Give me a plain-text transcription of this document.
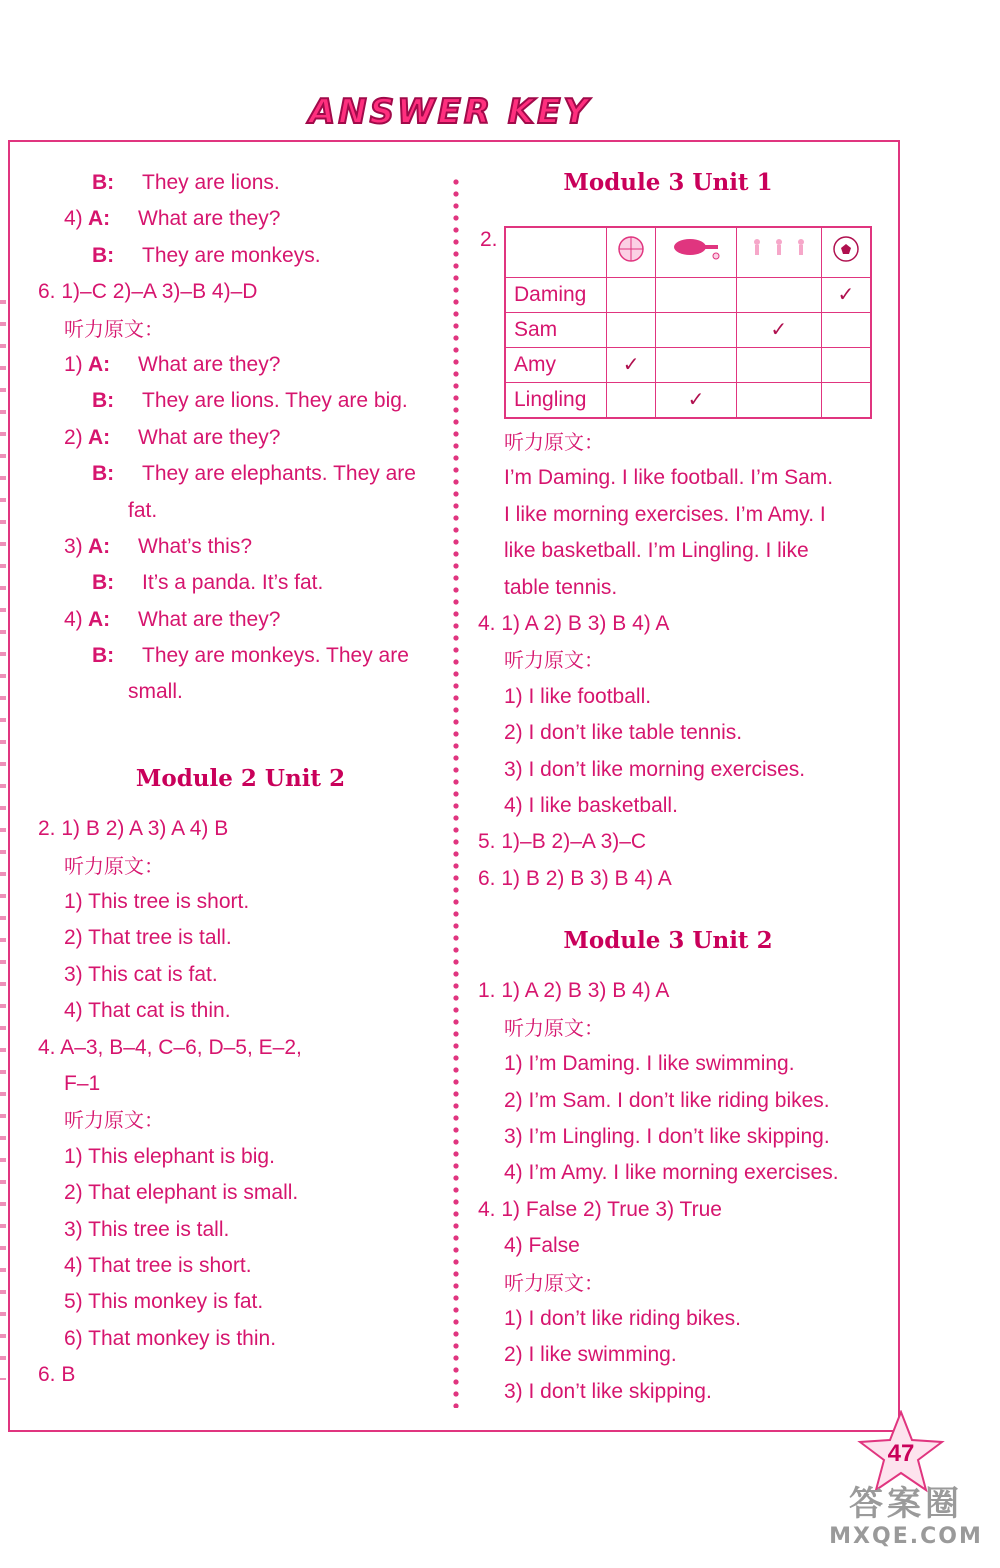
ANSWER KEY
B: They are lions.
4) A: What are they?
B: They are monkeys.
6. 1)–C 2)–A 3)–B 4)–D
听力原文：
1) A: What are they?
B: They are lions. They are big.
2) A: What are they?
B: They are elephants. They are
fat.
3) A: What’s this?
B: It’s a panda. It’s fat.
4) A: What are they?
B: They are monkeys. They are
small.
Module 2 Unit 2
2. 1) B 2) A 3) A 4) B
听力原文：
1) This tree is short.
2) That tree is tall.
3) This cat is fat.
4) That cat is thin.
4. A–3, B–4, C–6, D–5, E–2,
F–1
听力原文：
1) This elephant is big.
2) That elephant is small.
3) This tree is tall.
4) That tree is short.
5) This monkey is fat.
6) That monkey is thin.
6. B
Module 3 Unit 1
2.

Daming				✓
Sam			✓	
Amy	✓			
Lingling		✓		
听力原文：
I’m Daming. I like football. I’m Sam.
I like morning exercises. I’m Amy. I
like basketball. I’m Lingling. I like
table tennis.
4. 1) A 2) B 3) B 4) A
听力原文：
1) I like football.
2) I don’t like table tennis.
3) I don’t like morning exercises.
4) I like basketball.
5. 1)–B 2)–A 3)–C
6. 1) B 2) B 3) B 4) A
Module 3 Unit 2
1. 1) A 2) B 3) B 4) A
听力原文：
1) I’m Daming. I like swimming.
2) I’m Sam. I don’t like riding bikes.
3) I’m Lingling. I don’t like skipping.
4) I’m Amy. I like morning exercises.
4. 1) False 2) True 3) True
4) False
听力原文：
1) I don’t like riding bikes.
2) I like swimming.
3) I don’t like skipping.
47
答案圈
MXQE.COM
